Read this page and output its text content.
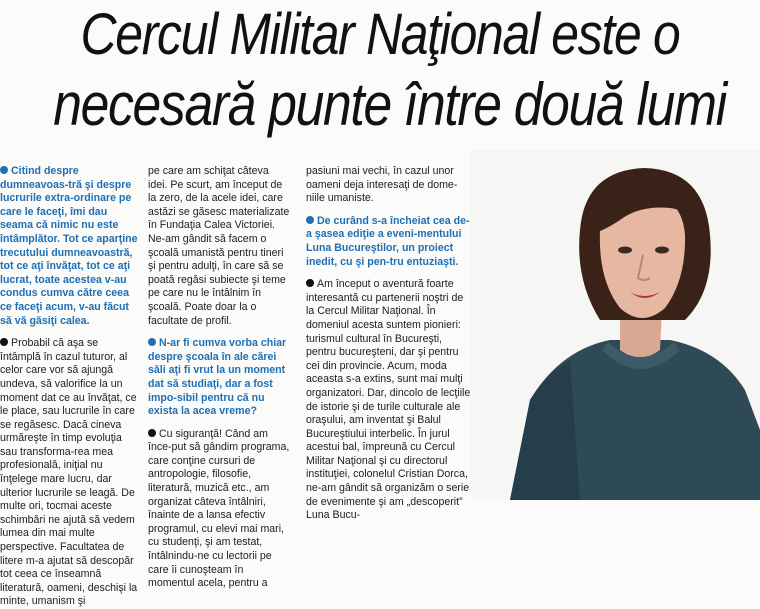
Cercul Militar Naţional este o
necesară punte între două lumi

Citind despre dumneavoas-tră şi despre lucrurile extra-ordinare pe care le faceţi, îmi dau seama că nimic nu este întâmplător. Tot ce aparţine trecutului dumneavoastră, tot ce aţi învăţat, tot ce aţi lucrat, toate acestea v-au condus cumva către ceea ce faceţi acum, v-au făcut să vă găsiţi calea.

Probabil că aşa se întâmplă în cazul tuturor, al celor care vor să ajungă undeva, să valorifice la un moment dat ce au învăţat, ce le place, sau lucrurile în care se regăsesc. Dacă cineva urmăreşte în timp evoluţia sau transforma-rea mea profesională, iniţial nu înţelege mare lucru, dar ulterior lucrurile se leagă. De multe ori, tocmai aceste schimbări ne ajută să vedem lumea din mai multe perspective. Facultatea de litere m-a ajutat să descopăr tot ceea ce înseamnă literatură, oameni, deschişi la minte, umanism şi

pe care am schiţat câteva idei. Pe scurt, am început de la zero, de la acele idei, care astăzi se găsesc materializate în Fundaţia Calea Victoriei. Ne-am gândit să facem o şcoală umanistă pentru tineri şi pentru adulţi, în care să se poată regăsi subiecte şi teme pe care nu le întâlnim în şcoală. Poate doar la o facultate de profil.

N-ar fi cumva vorba chiar despre şcoala în ale cărei săli aţi fi vrut la un moment dat să studiaţi, dar a fost impo-sibil pentru că nu exista la acea vreme?

Cu siguranţă! Când am înce-put să gândim programa, care conţine cursuri de antropologie, filosofie, literatură, muzică etc., am organizat câteva întâlniri, înainte de a lansa efectiv programul, cu elevi mai mari, cu studenţi, şi am testat, întâlnindu-ne cu lectorii pe care îi cunoşteam în momentul acela, pentru a

pasiuni mai vechi, în cazul unor oameni deja interesaţi de dome-niile umaniste.

De curând s-a încheiat cea de-a şasea ediţie a eveni-mentului Luna Bucureştilor, un proiect inedit, cu şi pen-tru entuziaşti.

Am început o aventură foarte interesantă cu partenerii noştri de la Cercul Militar Naţional. În domeniul acesta suntem pionieri: turismul cultural în Bucureşti, pentru bucureşteni, dar şi pentru cei din provincie. Acum, moda aceasta s-a extins, sunt mai mulţi organizatori. Dar, dincolo de lecţiile de istorie şi de turile culturale ale oraşului, am inventat şi Balul Bucureştiului interbelic. În jurul acestui bal, împreună cu Cercul Militar Naţional şi cu directorul instituţiei, colonelul Cristian Dorca, ne-am gândit să organizăm o serie de evenimente şi am „descoperit” Luna Bucu-
